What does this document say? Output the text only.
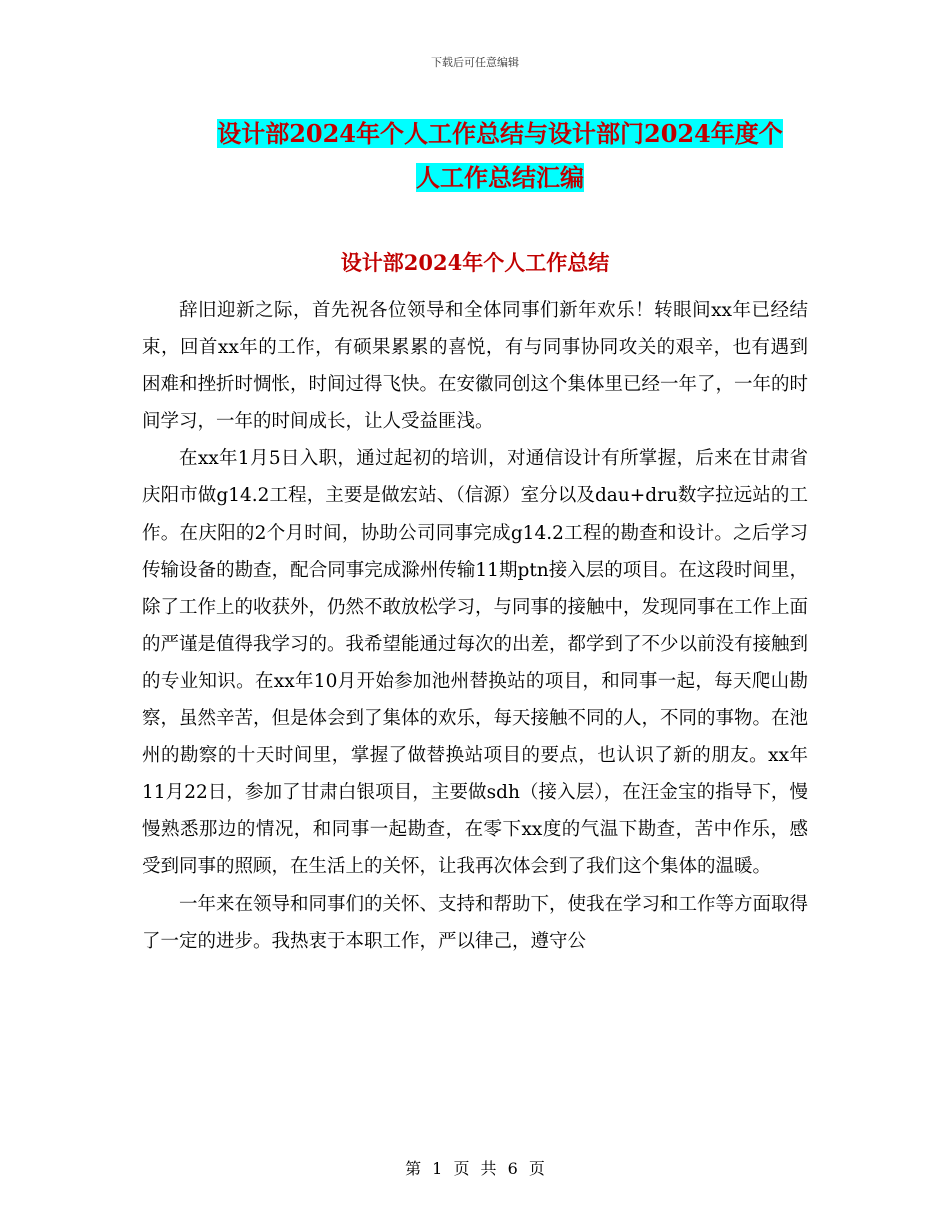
下载后可任意编辑
设计部2024年个人工作总结与设计部门2024年度个
人工作总结汇编
设计部2024年个人工作总结

辞旧迎新之际，首先祝各位领导和全体同事们新年欢乐！转眼间xx年已经结束，回首xx年的工作，有硕果累累的喜悦，有与同事协同攻关的艰辛，也有遇到困难和挫折时惆怅，时间过得飞快。在安徽同创这个集体里已经一年了，一年的时间学习，一年的时间成长，让人受益匪浅。

在xx年1月5日入职，通过起初的培训，对通信设计有所掌握，后来在甘肃省庆阳市做g14.2工程，主要是做宏站、（信源）室分以及dau+dru数字拉远站的工作。在庆阳的2个月时间，协助公司同事完成g14.2工程的勘查和设计。之后学习传输设备的勘查，配合同事完成滁州传输11期ptn接入层的项目。在这段时间里，除了工作上的收获外，仍然不敢放松学习，与同事的接触中，发现同事在工作上面的严谨是值得我学习的。我希望能通过每次的出差，都学到了不少以前没有接触到的专业知识。在xx年10月开始参加池州替换站的项目，和同事一起，每天爬山勘察，虽然辛苦，但是体会到了集体的欢乐，每天接触不同的人，不同的事物。在池州的勘察的十天时间里，掌握了做替换站项目的要点，也认识了新的朋友。xx年11月22日，参加了甘肃白银项目，主要做sdh（接入层），在汪金宝的指导下，慢慢熟悉那边的情况，和同事一起勘查，在零下xx度的气温下勘查，苦中作乐，感受到同事的照顾，在生活上的关怀，让我再次体会到了我们这个集体的温暖。

一年来在领导和同事们的关怀、支持和帮助下，使我在学习和工作等方面取得了一定的进步。我热衷于本职工作，严以律己，遵守公

第 1 页 共 6 页
